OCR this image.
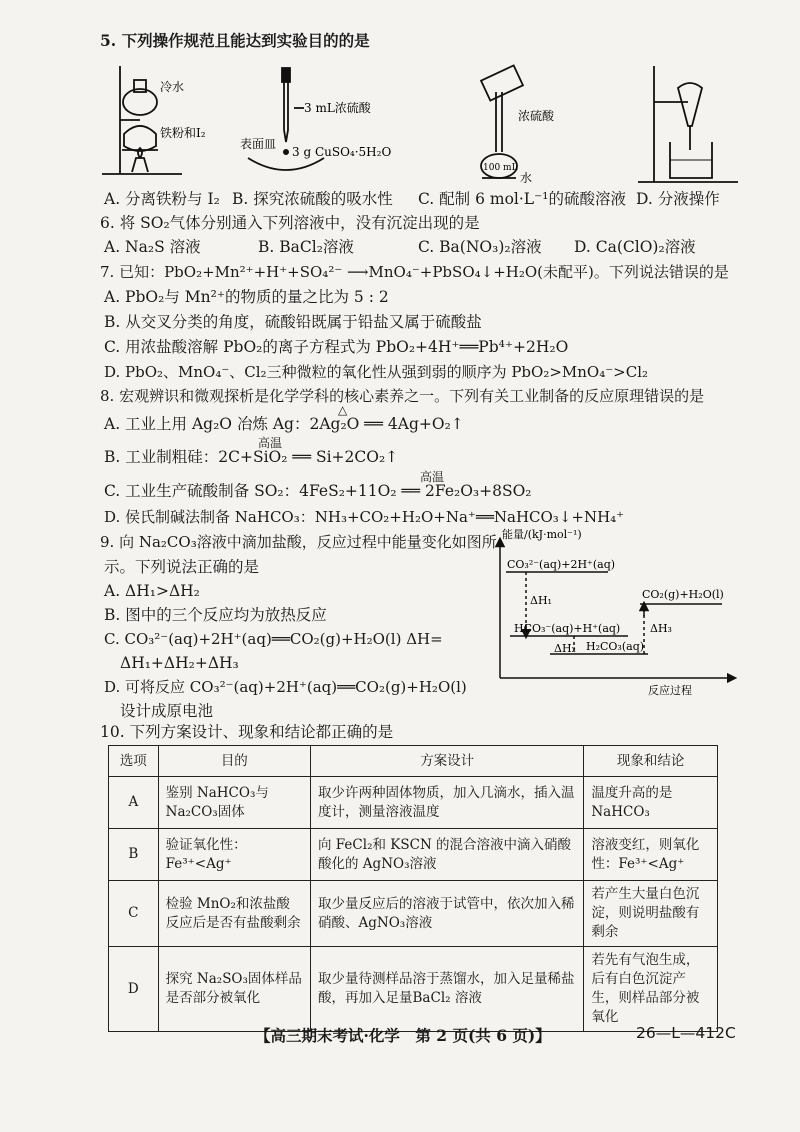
5. 下列操作规范且能达到实验目的的是
冷水
铁粉和I₂
3 mL浓硫酸
表面皿
3 g CuSO₄·5H₂O
浓硫酸
100 mL
水
A. 分离铁粉与 I₂ B. 探究浓硫酸的吸水性 C. 配制 6 mol·L⁻¹的硫酸溶液 D. 分液操作
6. 将 SO₂气体分别通入下列溶液中，没有沉淀出现的是
A. Na₂S 溶液	B. BaCl₂溶液	C. Ba(NO₃)₂溶液 D. Ca(ClO)₂溶液
7. 已知：PbO₂+Mn²⁺+H⁺+SO₄²⁻ ⟶MnO₄⁻+PbSO₄↓+H₂O(未配平)。下列说法错误的是
A. PbO₂与 Mn²⁺的物质的量之比为 5 : 2
B. 从交叉分类的角度，硫酸铅既属于铅盐又属于硫酸盐
C. 用浓盐酸溶解 PbO₂的离子方程式为 PbO₂+4H⁺══Pb⁴⁺+2H₂O
D. PbO₂、MnO₄⁻、Cl₂三种微粒的氧化性从强到弱的顺序为 PbO₂>MnO₄⁻>Cl₂
8. 宏观辨识和微观探析是化学学科的核心素养之一。下列有关工业制备的反应原理错误的是
A. 工业上用 Ag₂O 冶炼 Ag：2Ag₂O ══ 4Ag+O₂↑
△
B. 工业制粗硅：2C+SiO₂ ══ Si+2CO₂↑
高温
C. 工业生产硫酸制备 SO₂：4FeS₂+11O₂ ══ 2Fe₂O₃+8SO₂
高温
D. 侯氏制碱法制备 NaHCO₃：NH₃+CO₂+H₂O+Na⁺══NaHCO₃↓+NH₄⁺
9. 向 Na₂CO₃溶液中滴加盐酸，反应过程中能量变化如图所
示。下列说法正确的是
A. ΔH₁>ΔH₂
B. 图中的三个反应均为放热反应
C. CO₃²⁻(aq)+2H⁺(aq)══CO₂(g)+H₂O(l) ΔH=
ΔH₁+ΔH₂+ΔH₃
D. 可将反应 CO₃²⁻(aq)+2H⁺(aq)══CO₂(g)+H₂O(l)
设计成原电池
能量/(kJ·mol⁻¹)
CO₃²⁻(aq)+2H⁺(aq)
HCO₃⁻(aq)+H⁺(aq)
H₂CO₃(aq)
CO₂(g)+H₂O(l)
ΔH₁
ΔH₂
ΔH₃
反应过程
10. 下列方案设计、现象和结论都正确的是
选项	目的	方案设计	现象和结论
A	鉴别 NaHCO₃与 Na₂CO₃固体	取少许两种固体物质，加入几滴水，插入温度计，测量溶液温度	温度升高的是 NaHCO₃
B	验证氧化性：Fe³⁺<Ag⁺	向 FeCl₂和 KSCN 的混合溶液中滴入硝酸酸化的 AgNO₃溶液	溶液变红，则氧化性：Fe³⁺<Ag⁺
C	检验 MnO₂和浓盐酸反应后是否有盐酸剩余	取少量反应后的溶液于试管中，依次加入稀硝酸、AgNO₃溶液	若产生大量白色沉淀，则说明盐酸有剩余
D	探究 Na₂SO₃固体样品是否部分被氧化	取少量待测样品溶于蒸馏水，加入足量稀盐酸，再加入足量BaCl₂ 溶液	若先有气泡生成，后有白色沉淀产生，则样品部分被氧化
【高三期末考试·化学　第 2 页(共 6 页)】	26—L—412C
